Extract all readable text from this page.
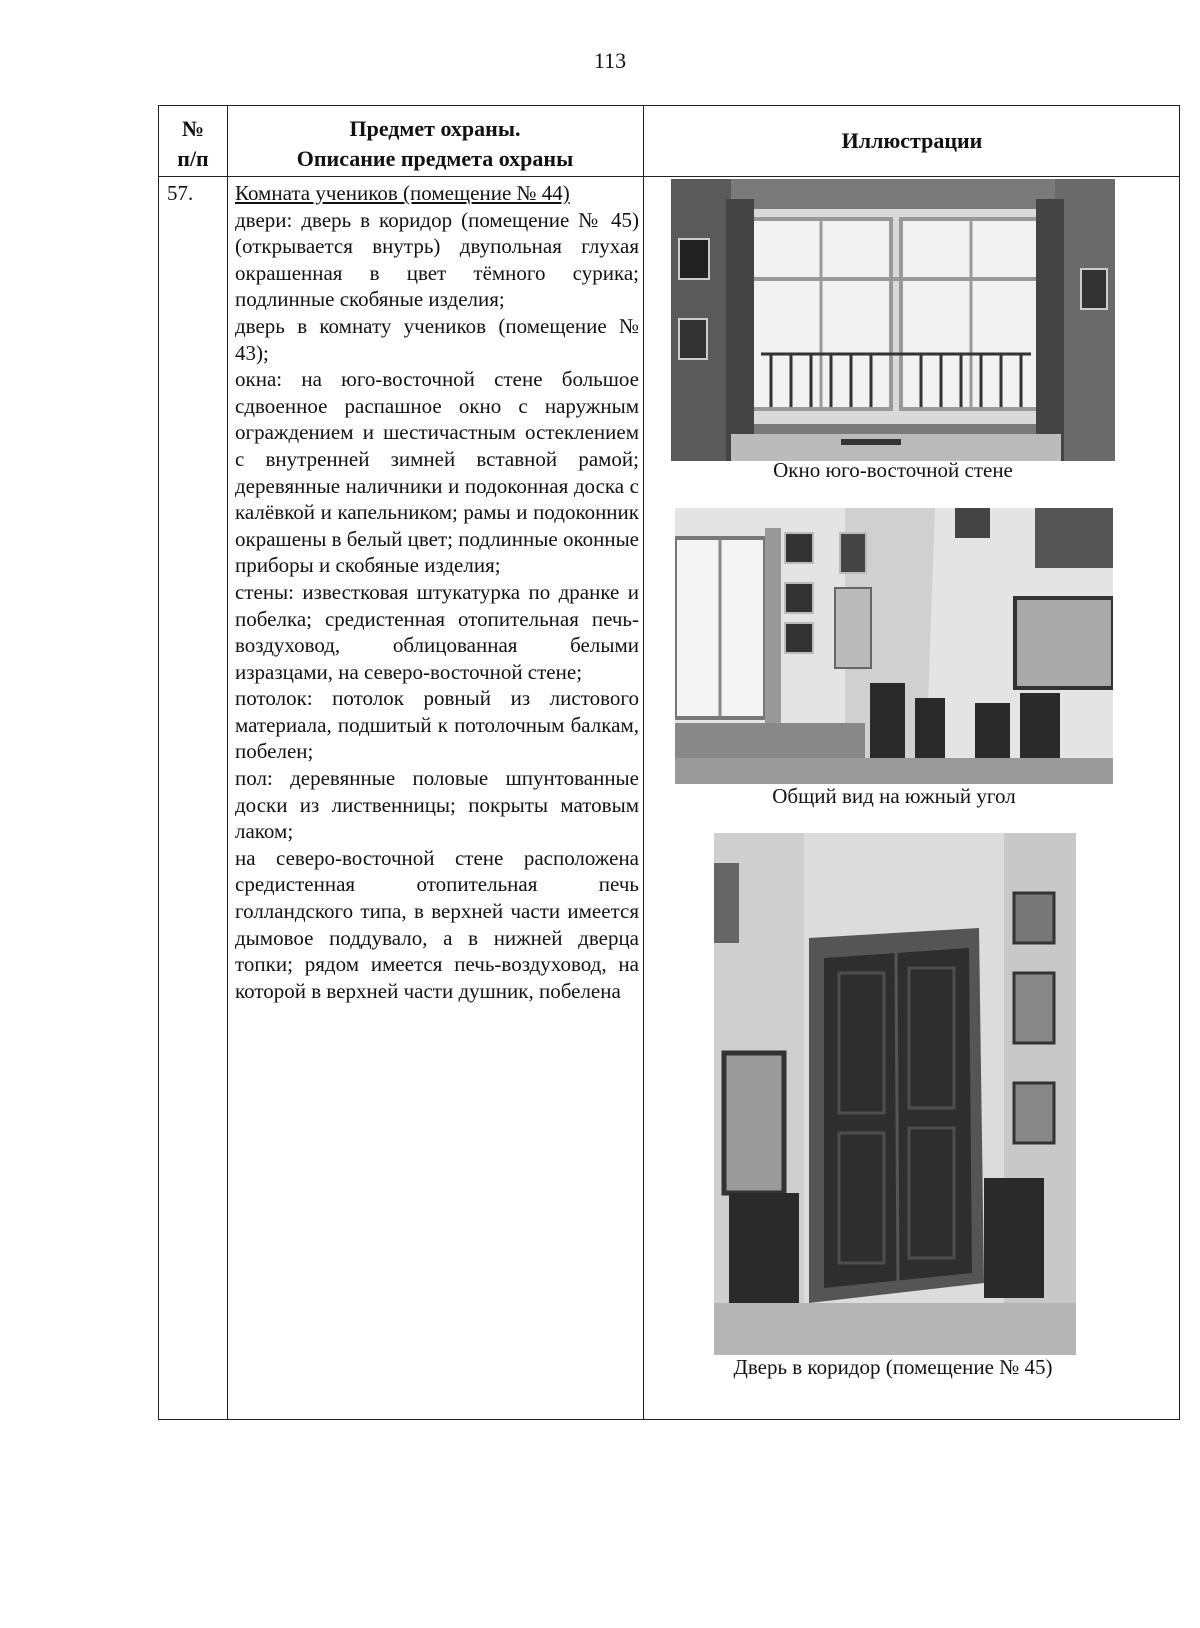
113
№
п/п
Предмет охраны.
Описание предмета охраны
Иллюстрации
57. Комната учеников (помещение № 44)

двери: дверь в коридор (помещение № 45) (открывается внутрь) двупольная глухая окрашенная в цвет тёмного сурика; подлинные скобяные изделия;

дверь в комнату учеников (помещение № 43);

окна: на юго-восточной стене большое сдвоенное распашное окно с наружным ограждением и шестичастным остеклением с внутренней зимней вставной рамой; деревянные наличники и подоконная доска с калёвкой и капельником; рамы и подоконник окрашены в белый цвет; подлинные оконные приборы и скобяные изделия;

стены: известковая штукатурка по дранке и побелка; средистенная отопительная печь-воздуховод, облицованная белыми изразцами, на северо-восточной стене;

потолок: потолок ровный из листового материала, подшитый к потолочным балкам, побелен;

пол: деревянные половые шпунтованные доски из лиственницы; покрыты матовым лаком;

на северо-восточной стене расположена средистенная отопительная печь голландского типа, в верхней части имеется дымовое поддувало, а в нижней дверца топки; рядом имеется печь-воздуховод, на которой в верхней части душник, побелена

Окно юго-восточной стене
Общий вид на южный угол
Дверь в коридор (помещение № 45)
